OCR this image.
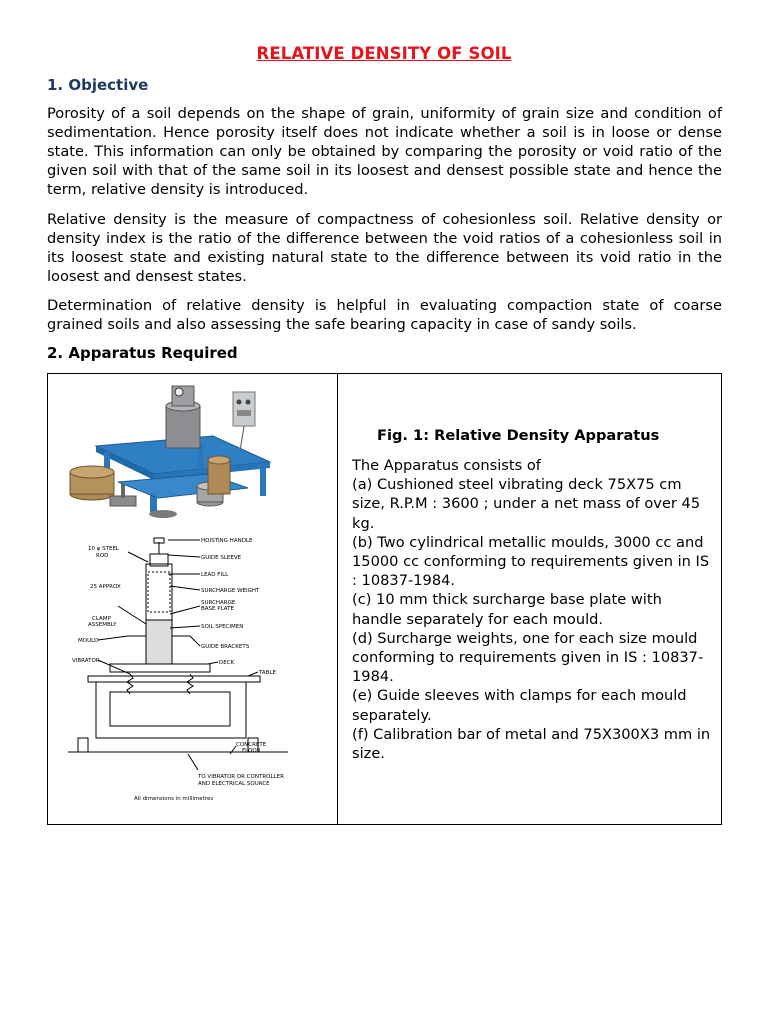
RELATIVE DENSITY OF SOIL
1. Objective

Porosity of a soil depends on the shape of grain, uniformity of grain size and condition of sedimentation. Hence porosity itself does not indicate whether a soil is in loose or dense state. This information can only be obtained by comparing the porosity or void ratio of the given soil with that of the same soil in its loosest and densest possible state and hence the term, relative density is introduced.

Relative density is the measure of compactness of cohesionless soil. Relative density or density index is the ratio of the difference between the void ratios of a cohesionless soil in its loosest state and existing natural state to the difference between its void ratio in the loosest and densest states.

Determination of relative density is helpful in evaluating compaction state of coarse grained soils and also assessing the safe bearing capacity in case of sandy soils.

2. Apparatus Required
HOISTING HANDLE
GUIDE SLEEVE
LEAD FILL
SURCHARGE WEIGHT
SURCHARGE
BASE PLATE
SOIL SPECIMEN
GUIDE BRACKETS
DECK
TABLE
10 φ STEEL
ROD
25 APPROX
CLAMP
ASSEMBLY
MOULD
VIBRATOR
CONCRETE
FLOOR
TO VIBRATOR OR CONTROLLER
AND ELECTRICAL SOURCE
All dimensions in millimetres
Fig. 1: Relative Density Apparatus
The Apparatus consists of
(a) Cushioned steel vibrating deck 75X75 cm size, R.P.M : 3600 ; under a net mass of over 45 kg.
(b) Two cylindrical metallic moulds, 3000 cc and 15000 cc conforming to requirements given in IS : 10837-1984.
(c) 10 mm thick surcharge base plate with handle separately for each mould.
(d) Surcharge weights, one for each size mould conforming to requirements given in IS : 10837-1984.
(e) Guide sleeves with clamps for each mould separately.
(f) Calibration bar of metal and 75X300X3 mm in size.
